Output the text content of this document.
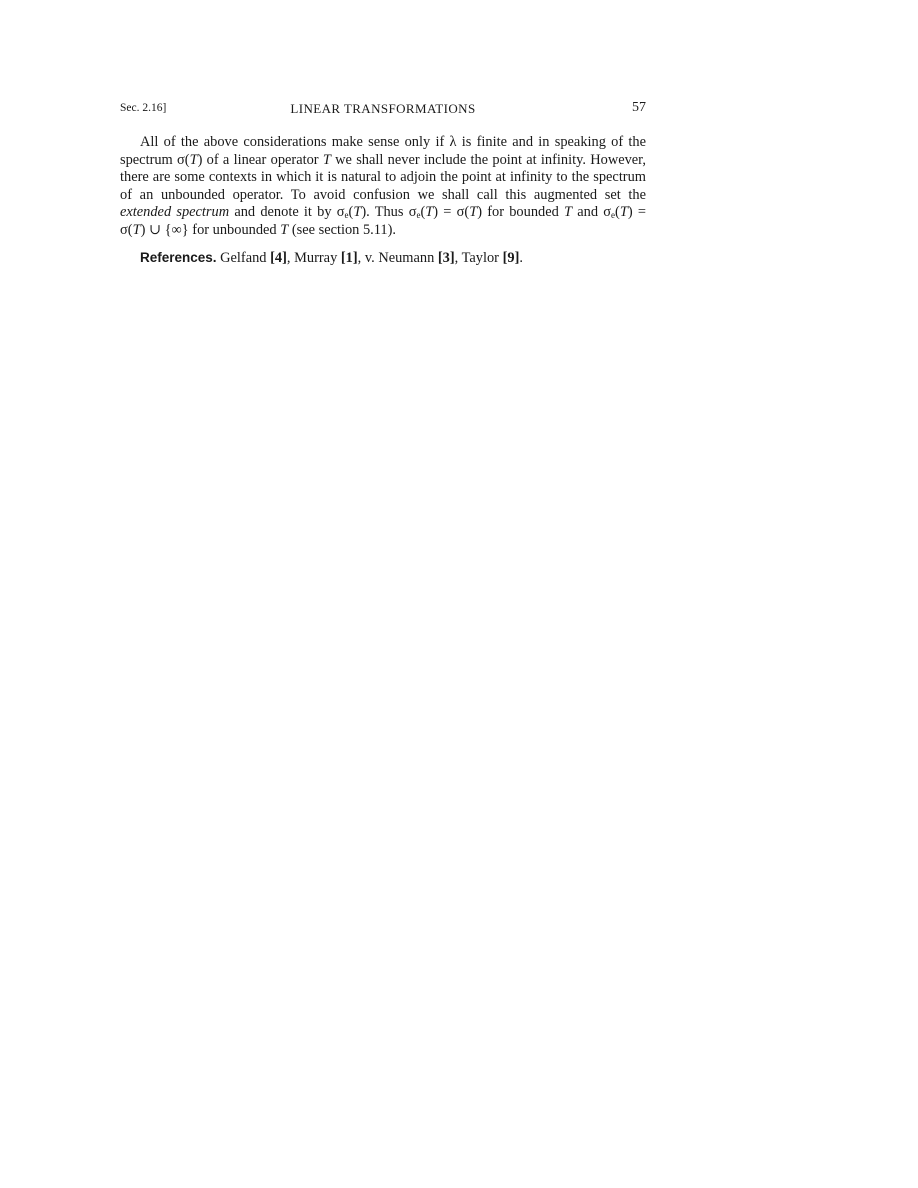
Sec. 2.16]	LINEAR TRANSFORMATIONS	57

All of the above considerations make sense only if λ is finite and in speaking of the spectrum σ(T) of a linear operator T we shall never include the point at infinity. However, there are some contexts in which it is natural to adjoin the point at infinity to the spectrum of an unbounded operator. To avoid confusion we shall call this augmented set the extended spectrum and denote it by $\sigma_e(T)$. Thus $\sigma_e(T) = \sigma(T)$ for bounded T and $\sigma_e(T) = \sigma(T)$ ∪ {∞} for unbounded T (see section 5.11).

References. Gelfand [4], Murray [1], v. Neumann [3], Taylor [9].
